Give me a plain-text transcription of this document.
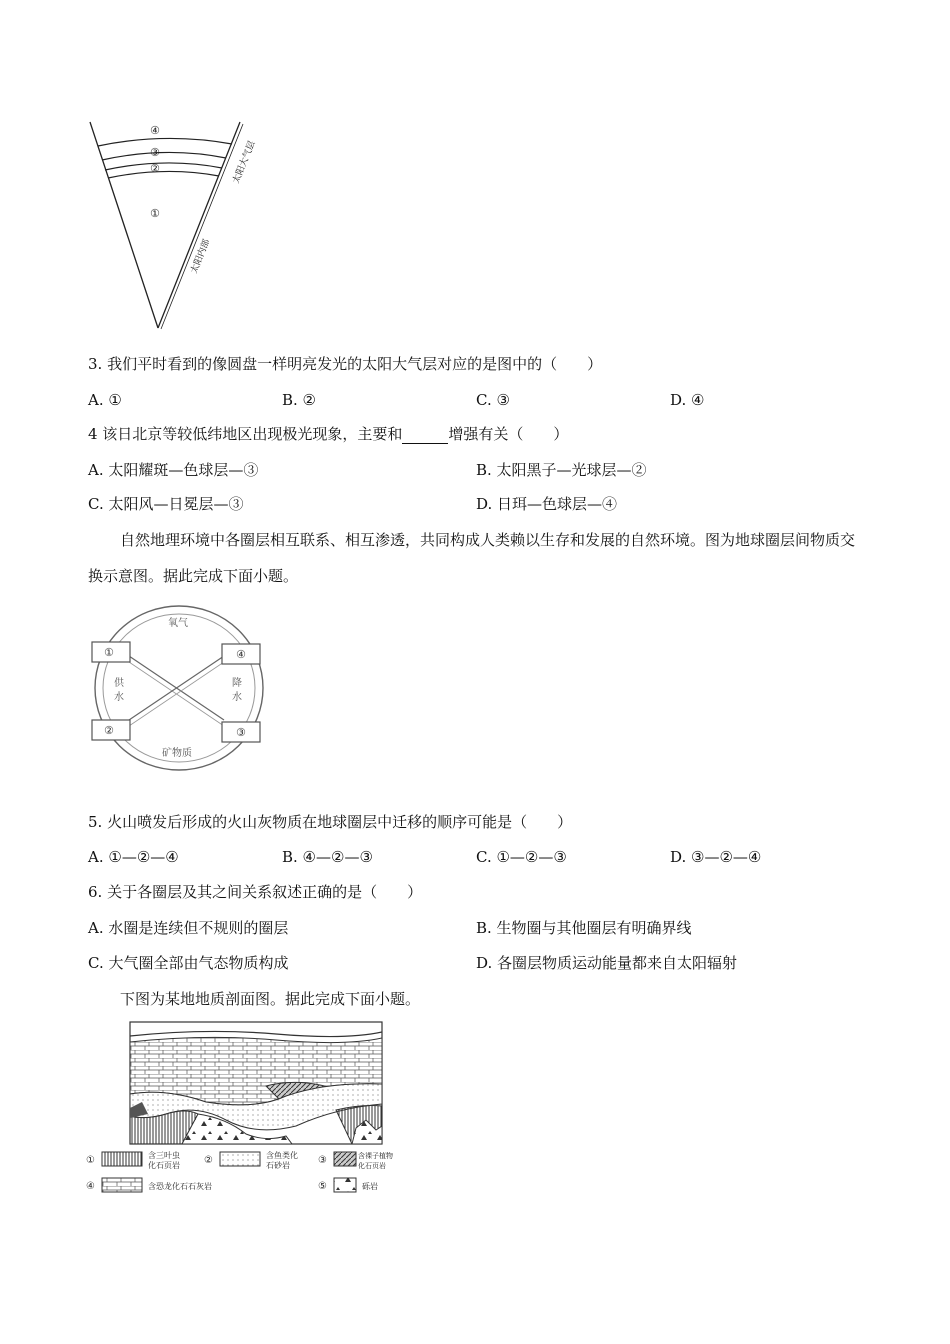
④
③
②
①
太阳大气层
太阳内部
3. 我们平时看到的像圆盘一样明亮发光的太阳大气层对应的是图中的（　　）
A. ①	B. ②	C. ③	D. ④
4 该日北京等较低纬地区出现极光现象，主要和	增强有关（　　）
A. 太阳耀斑—色球层—③	B. 太阳黑子—光球层—②
C. 太阳风—日冕层—③	D. 日珥—色球层—④
自然地理环境中各圈层相互联系、相互渗透，共同构成人类赖以生存和发展的自然环境。图为地球圈层间物质交换示意图。据此完成下面小题。
①	④
②	③
氧气
供
水
降
水
矿物质
5. 火山喷发后形成的火山灰物质在地球圈层中迁移的顺序可能是（　　）
A. ①—②—④	B. ④—②—③	C. ①—②—③	D. ③—②—④
6. 关于各圈层及其之间关系叙述正确的是（　　）
A. 水圈是连续但不规则的圈层	B. 生物圈与其他圈层有明确界线
C. 大气圈全部由气态物质构成	D. 各圈层物质运动能量都来自太阳辐射
下图为某地地质剖面图。据此完成下面小题。
①	含三叶虫
化石页岩 ②	含鱼类化
石砂岩	③	含裸子植物
化石页岩
④	含恐龙化石石灰岩	⑤	砾岩
